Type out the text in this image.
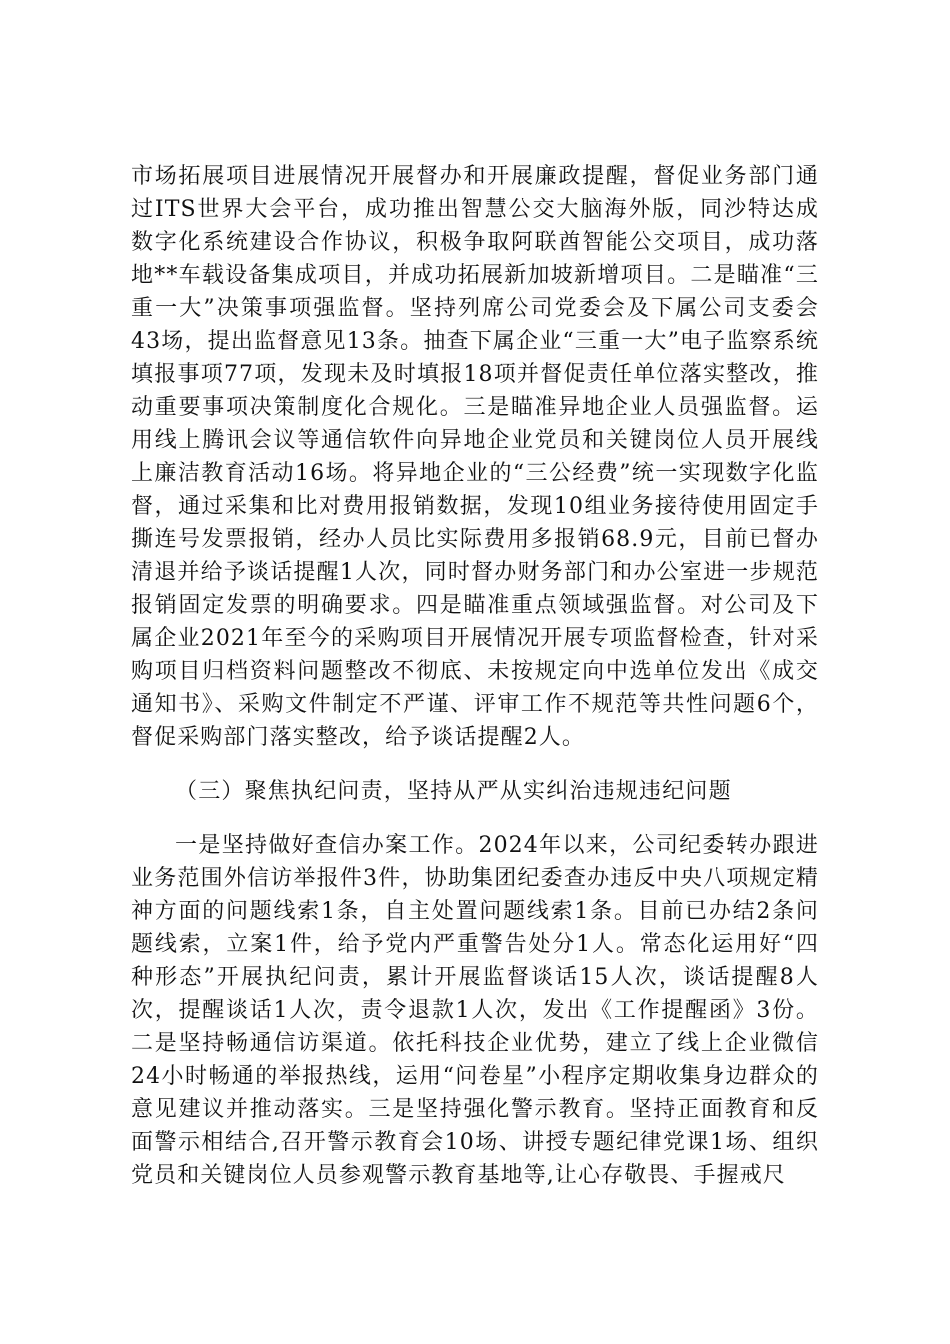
市场拓展项目进展情况开展督办和开展廉政提醒，督促业务部门通过ITS世界大会平台，成功推出智慧公交大脑海外版，同沙特达成数字化系统建设合作协议，积极争取阿联酋智能公交项目，成功落地**车载设备集成项目，并成功拓展新加坡新增项目。二是瞄准“三重一大”决策事项强监督。坚持列席公司党委会及下属公司支委会43场，提出监督意见13条。抽查下属企业“三重一大”电子监察系统填报事项77项，发现未及时填报18项并督促责任单位落实整改，推动重要事项决策制度化合规化。三是瞄准异地企业人员强监督。运用线上腾讯会议等通信软件向异地企业党员和关键岗位人员开展线上廉洁教育活动16场。将异地企业的“三公经费”统一实现数字化监督，通过采集和比对费用报销数据，发现10组业务接待使用固定手撕连号发票报销，经办人员比实际费用多报销68.9元，目前已督办清退并给予谈话提醒1人次，同时督办财务部门和办公室进一步规范报销固定发票的明确要求。四是瞄准重点领域强监督。对公司及下属企业2021年至今的采购项目开展情况开展专项监督检查，针对采购项目归档资料问题整改不彻底、未按规定向中选单位发出《成交通知书》、采购文件制定不严谨、评审工作不规范等共性问题6个，督促采购部门落实整改，给予谈话提醒2人。

（三）聚焦执纪问责，坚持从严从实纠治违规违纪问题

一是坚持做好查信办案工作。2024年以来，公司纪委转办跟进业务范围外信访举报件3件，协助集团纪委查办违反中央八项规定精神方面的问题线索1条，自主处置问题线索1条。目前已办结2条问题线索，立案1件，给予党内严重警告处分1人。常态化运用好“四种形态”开展执纪问责，累计开展监督谈话15人次，谈话提醒8人次，提醒谈话1人次，责令退款1人次，发出《工作提醒函》3份。二是坚持畅通信访渠道。依托科技企业优势，建立了线上企业微信24小时畅通的举报热线，运用“问卷星”小程序定期收集身边群众的意见建议并推动落实。三是坚持强化警示教育。坚持正面教育和反面警示相结合,召开警示教育会10场、讲授专题纪律党课1场、组织党员和关键岗位人员参观警示教育基地等,让心存敬畏、手握戒尺
